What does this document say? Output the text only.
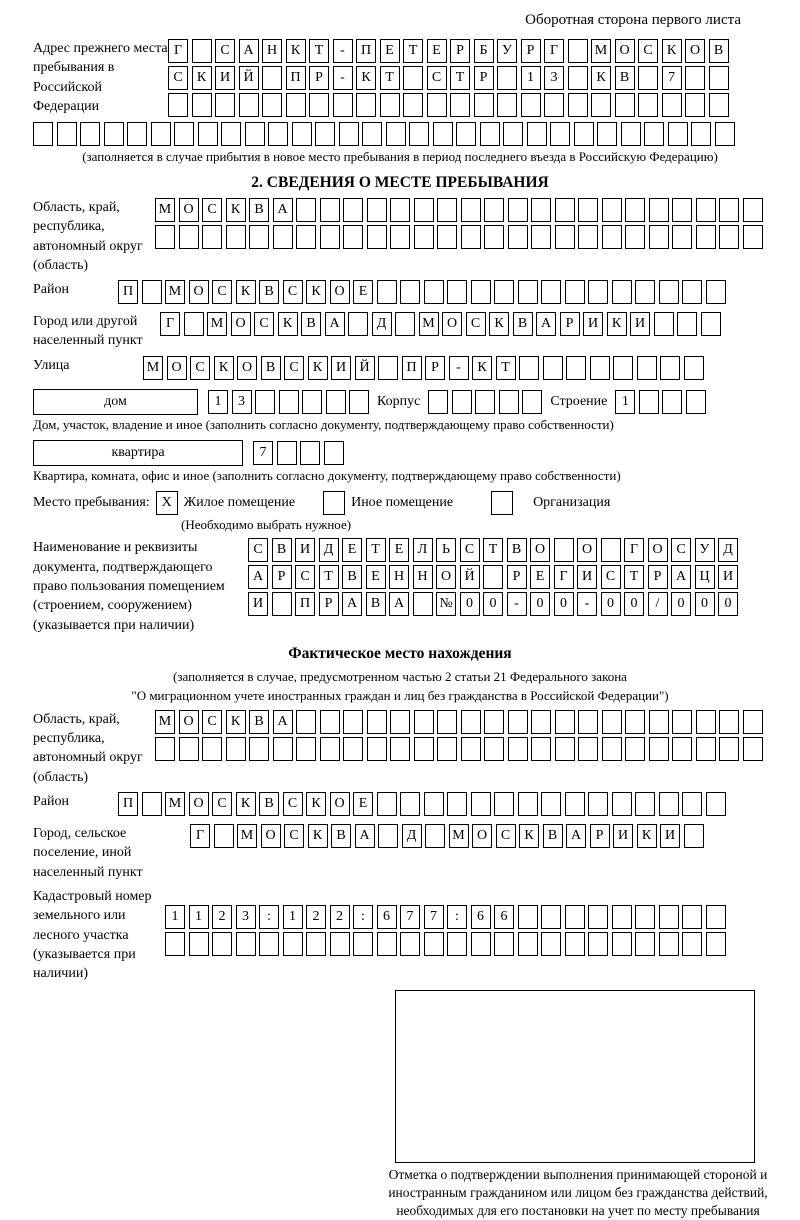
Оборотная сторона первого листа
Адрес прежнего места пребывания в Российской Федерации
Г	С А Н К	Т	-	П	Е	Т	Е	Р	Б	У	Р	Г	М О С	К О В
С	К И Й	П	Р	-	К	Т	С	Т	Р	1	3	К	В	7
(заполняется в случае прибытия в новое место пребывания в период последнего въезда в Российскую Федерацию)
2. СВЕДЕНИЯ О МЕСТЕ ПРЕБЫВАНИЯ
Область, край, республика, автономный округ (область)
М О С	К	В А
Район	П	М О С	К	В	С	К О	Е
Город или другой населенный пункт
Г	М О С	К	В А	Д	М О С	К	В А	Р	И К И
Улица	М О С	К О В	С	К И Й	П	Р	-	К	Т
дом	1	3	Корпус	Строение	1
Дом, участок, владение и иное (заполнить согласно документу, подтверждающему право собственности)
квартира	7
Квартира, комната, офис и иное (заполнить согласно документу, подтверждающему право собственности)
Место пребывания: X Жилое помещение	Иное помещение	Организация
(Необходимо выбрать нужное)
Наименование и реквизиты документа, подтверждающего право пользования помещением (строением, сооружением) (указывается при наличии)
С	В И Д	Е	Т	Е	Л	Ь	С	Т	В О	О	Г	О С У Д
А	Р	С	Т	В	Е	Н Н О Й	Р	Е	Г	И С	Т	Р	А Ц И
И	П	Р	А В А	№ 0	0	-	0	0	-	0	0	/	0	0	0
Фактическое место нахождения
(заполняется в случае, предусмотренном частью 2 статьи 21 Федерального закона
"О миграционном учете иностранных граждан и лиц без гражданства в Российской Федерации")
Область, край, республика, автономный округ (область)
М О С	К	В А
Район	П	М О С	К	В	С	К О	Е
Город, сельское поселение, иной населенный пункт
Г	М О С	К	В А	Д	М О С	К	В А	Р	И К И
Кадастровый номер земельного или лесного участка (указывается при наличии)
1	1	2	3	:	1	2	2	:	6	7	7	:	6	6
Отметка о подтверждении выполнения принимающей стороной и иностранным гражданином или лицом без гражданства действий, необходимых для его постановки на учет по месту пребывания
